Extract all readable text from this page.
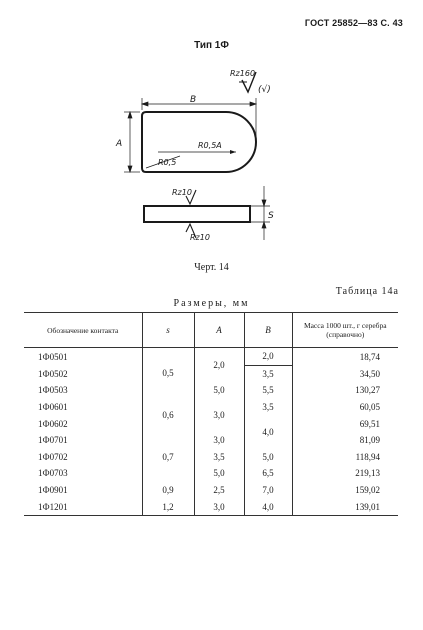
ГОСТ 25852—83 С. 43
Тип 1Ф
Rz160
(√)
В
А	R0,5A
R0,5
Rz10
Rz10
S
Черт. 14
Таблица 14а
Размеры, мм
Обозначение контакта	s	А	В	Масса 1000 шт., г серебра (справочно)
1Ф0501	0,5	2,0	2,0	18,74
1Ф0502			3,5	34,50
1Ф0503		5,0	5,5	130,27
1Ф0601	0,6	3,0	3,5	60,05
1Ф0602			4,0	69,51
1Ф0701	0,7	3,0		81,09
1Ф0702		3,5	5,0	118,94
1Ф0703		5,0	6,5	219,13
1Ф0901	0,9	2,5	7,0	159,02
1Ф1201	1,2	3,0	4,0	139,01
